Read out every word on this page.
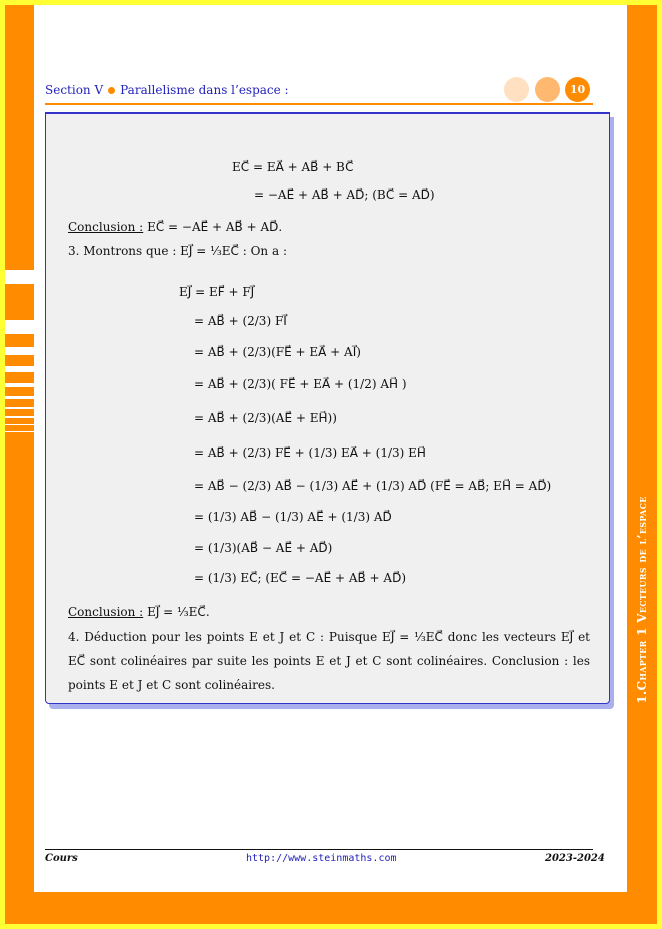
1.Chapter 1 Vecteurs de l’espace
Section V Parallelisme dans l’espace :	10
EC⃗ = EA⃗ + AB⃗ + BC⃗
= −AE⃗ + AB⃗ + AD⃗; (BC⃗ = AD⃗)
Conclusion : EC⃗ = −AE⃗ + AB⃗ + AD⃗.
3. Montrons que : EJ⃗ = ⅓EC⃗ : On a :
EJ⃗ = EF⃗ + FJ⃗
= AB⃗ + (2/3) FI⃗
= AB⃗ + (2/3)(FE⃗ + EA⃗ + AI⃗)
= AB⃗ + (2/3)( FE⃗ + EA⃗ + (1/2) AH⃗ )
= AB⃗ + (2/3)(AE⃗ + EH⃗))
= AB⃗ + (2/3) FE⃗ + (1/3) EA⃗ + (1/3) EH⃗
= AB⃗ − (2/3) AB⃗ − (1/3) AE⃗ + (1/3) AD⃗ (FE⃗ = AB⃗; EH⃗ = AD⃗)
= (1/3) AB⃗ − (1/3) AE⃗ + (1/3) AD⃗
= (1/3)(AB⃗ − AE⃗ + AD⃗)
= (1/3) EC⃗; (EC⃗ = −AE⃗ + AB⃗ + AD⃗)
Conclusion : EJ⃗ = ⅓EC⃗.
4. Déduction pour les points E et J et C : Puisque EJ⃗ = ⅓EC⃗ donc les vecteurs EJ⃗ et EC⃗ sont colinéaires par suite les points E et J et C sont colinéaires. Conclusion : les points E et J et C sont colinéaires.
Cours	http://www.steinmaths.com	2023-2024
